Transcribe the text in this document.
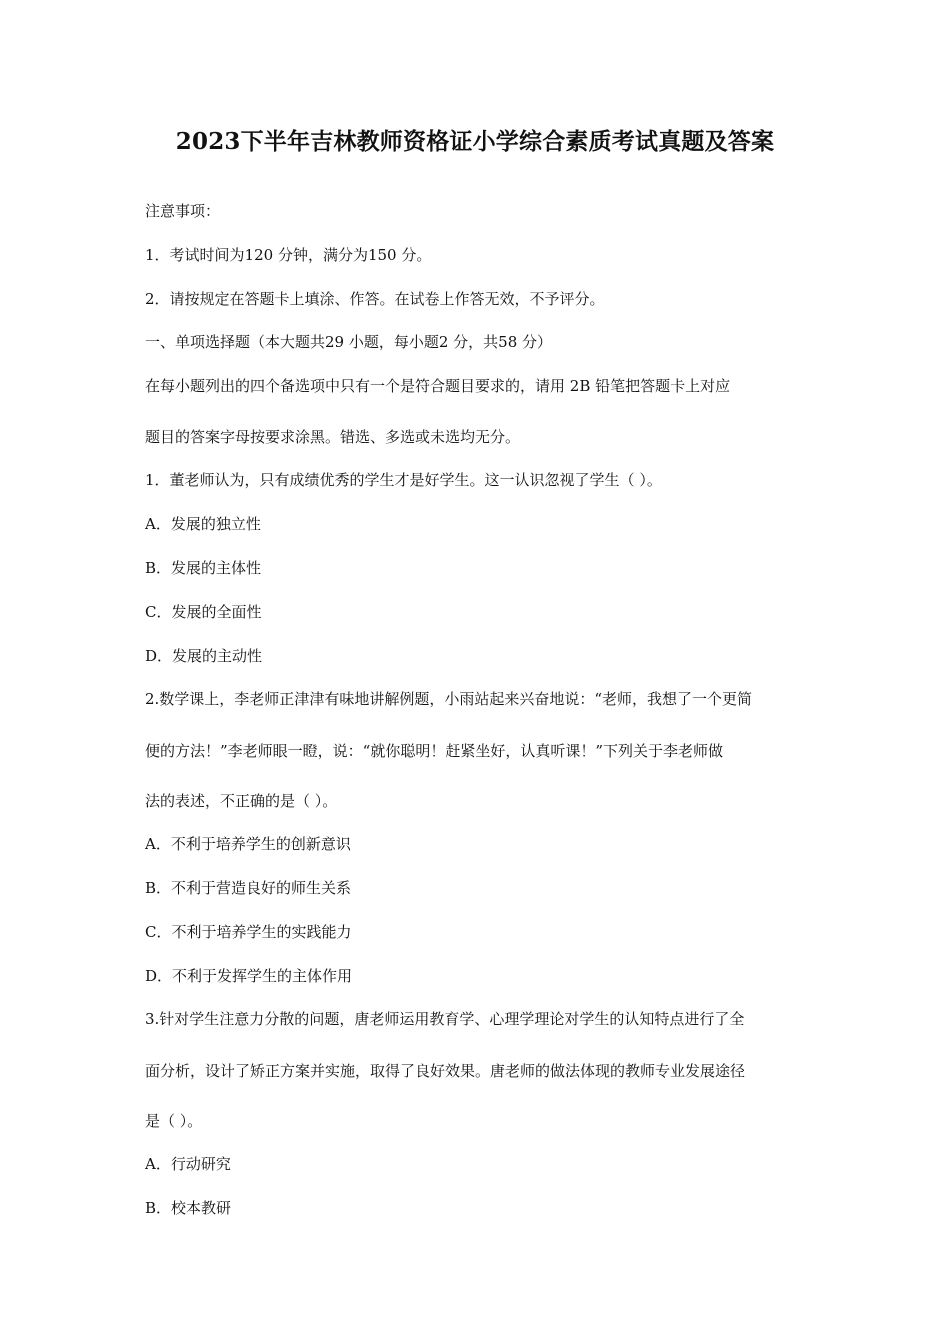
2023下半年吉林教师资格证小学综合素质考试真题及答案
注意事项：
1．考试时间为120 分钟，满分为150 分。
2．请按规定在答题卡上填涂、作答。在试卷上作答无效，不予评分。
一、单项选择题（本大题共29 小题，每小题2 分，共58 分）
在每小题列出的四个备选项中只有一个是符合题目要求的，请用 2B 铅笔把答题卡上对应
题目的答案字母按要求涂黑。错选、多选或未选均无分。
1．董老师认为，只有成绩优秀的学生才是好学生。这一认识忽视了学生（ ）。
A．发展的独立性
B．发展的主体性
C．发展的全面性
D．发展的主动性
2.数学课上，李老师正津津有味地讲解例题，小雨站起来兴奋地说：“老师，我想了一个更简
便的方法！”李老师眼一瞪，说：“就你聪明！赶紧坐好，认真听课！”下列关于李老师做
法的表述，不正确的是（ ）。
A．不利于培养学生的创新意识
B．不利于营造良好的师生关系
C．不利于培养学生的实践能力
D．不利于发挥学生的主体作用
3.针对学生注意力分散的问题，唐老师运用教育学、心理学理论对学生的认知特点进行了全
面分析，设计了矫正方案并实施，取得了良好效果。唐老师的做法体现的教师专业发展途径
是（ ）。
A．行动研究
B．校本教研
